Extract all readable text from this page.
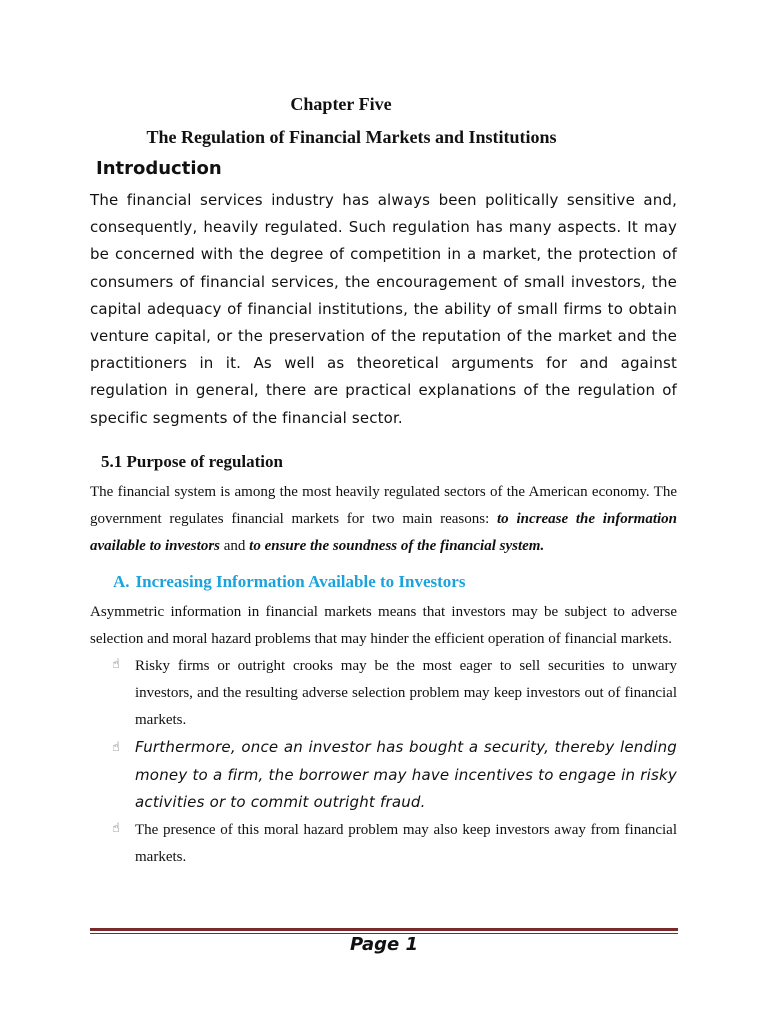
Chapter Five
The Regulation of Financial Markets and Institutions
Introduction

The financial services industry has always been politically sensitive and, consequently, heavily regulated. Such regulation has many aspects. It may be concerned with the degree of competition in a market, the protection of consumers of financial services, the encouragement of small investors, the capital adequacy of financial institutions, the ability of small firms to obtain venture capital, or the preservation of the reputation of the market and the practitioners in it. As well as theoretical arguments for and against regulation in general, there are practical explanations of the regulation of specific segments of the financial sector.

5.1 Purpose of regulation

The financial system is among the most heavily regulated sectors of the American economy. The government regulates financial markets for two main reasons: to increase the information available to investors and to ensure the soundness of the financial system.

A. Increasing Information Available to Investors

Asymmetric information in financial markets means that investors may be subject to adverse selection and moral hazard problems that may hinder the efficient operation of financial markets.

☝ Risky firms or outright crooks may be the most eager to sell securities to unwary investors, and the resulting adverse selection problem may keep investors out of financial markets.
☝ Furthermore, once an investor has bought a security, thereby lending money to a firm, the borrower may have incentives to engage in risky activities or to commit outright fraud.
☝ The presence of this moral hazard problem may also keep investors away from financial markets.
Page 1
